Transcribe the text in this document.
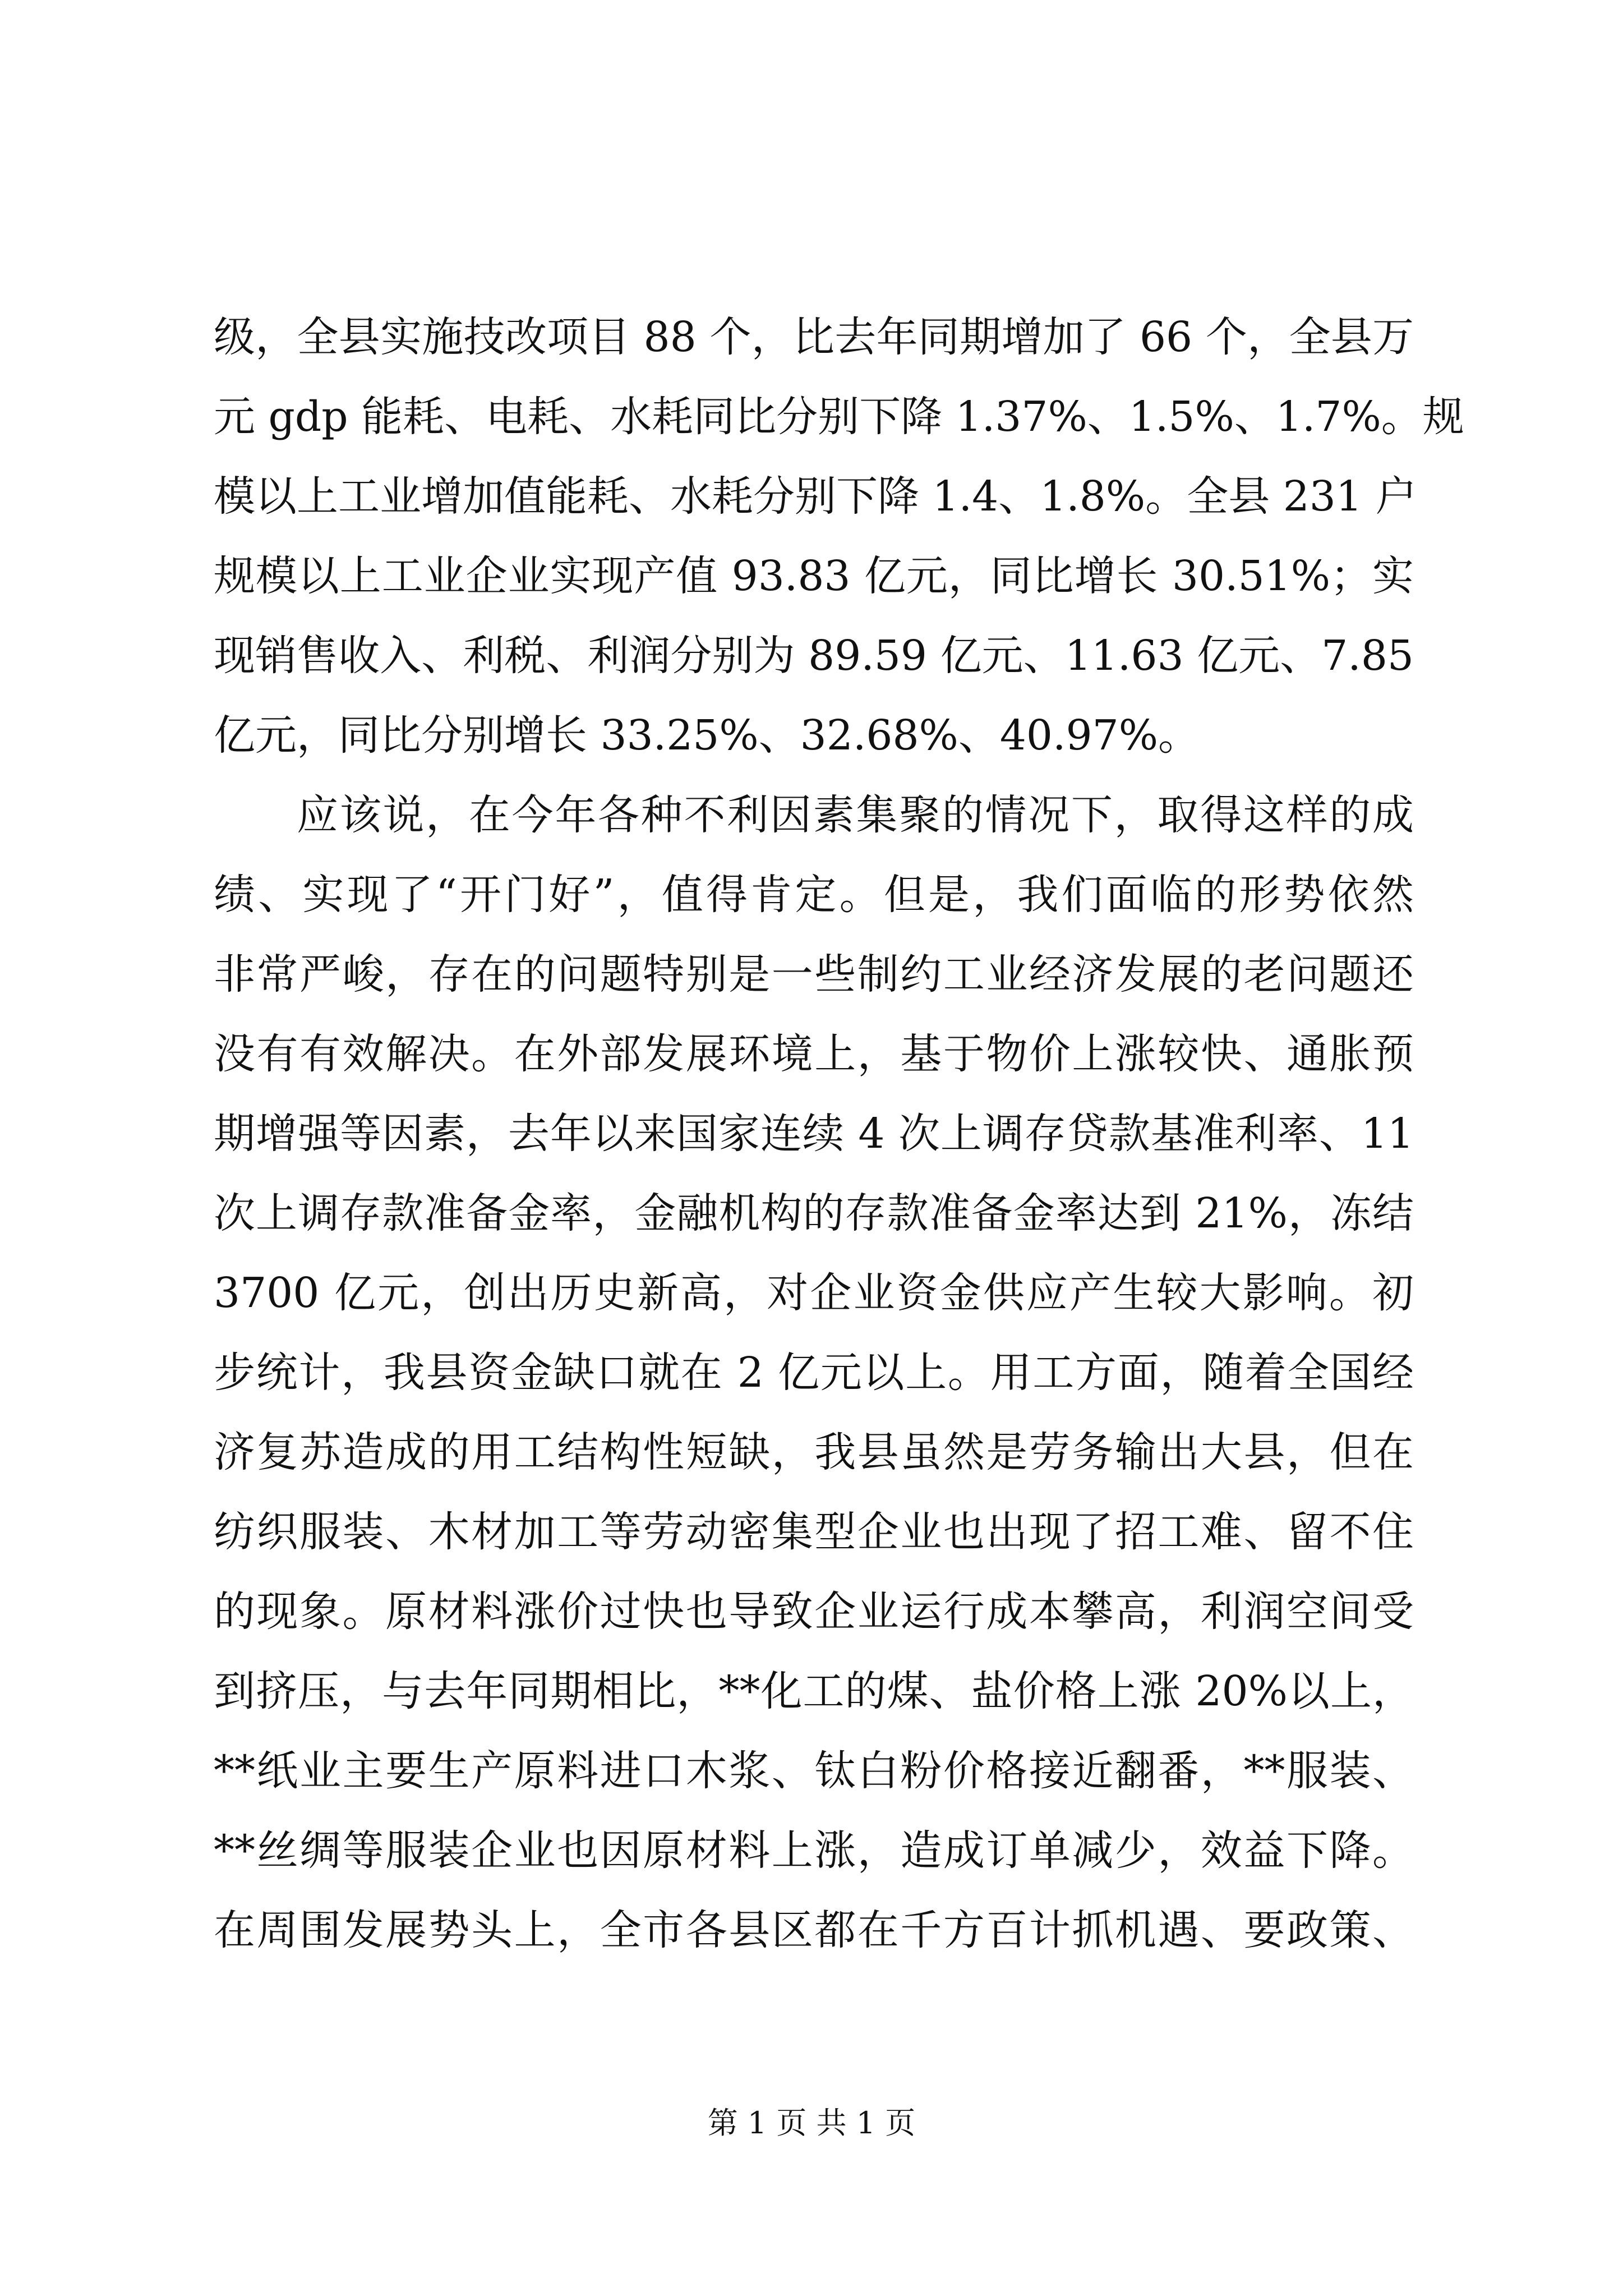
级，全县实施技改项目 88 个，比去年同期增加了 66 个，全县万
元 gdp 能耗、电耗、水耗同比分别下降 1.37%、1.5%、1.7%。规
模以上工业增加值能耗、水耗分别下降 1.4、1.8%。全县 231 户
规模以上工业企业实现产值 93.83 亿元，同比增长 30.51%；实
现销售收入、利税、利润分别为 89.59 亿元、11.63 亿元、7.85
亿元，同比分别增长 33.25%、32.68%、40.97%。
应该说，在今年各种不利因素集聚的情况下，取得这样的成
绩、实现了“开门好”，值得肯定。但是，我们面临的形势依然
非常严峻，存在的问题特别是一些制约工业经济发展的老问题还
没有有效解决。在外部发展环境上，基于物价上涨较快、通胀预
期增强等因素，去年以来国家连续 4 次上调存贷款基准利率、11
次上调存款准备金率，金融机构的存款准备金率达到 21%，冻结
3700 亿元，创出历史新高，对企业资金供应产生较大影响。初
步统计，我县资金缺口就在 2 亿元以上。用工方面，随着全国经
济复苏造成的用工结构性短缺，我县虽然是劳务输出大县，但在
纺织服装、木材加工等劳动密集型企业也出现了招工难、留不住
的现象。原材料涨价过快也导致企业运行成本攀高，利润空间受
到挤压，与去年同期相比，**化工的煤、盐价格上涨 20%以上，
**纸业主要生产原料进口木浆、钛白粉价格接近翻番，**服装、
**丝绸等服装企业也因原材料上涨，造成订单减少，效益下降。
在周围发展势头上，全市各县区都在千方百计抓机遇、要政策、
第 1 页 共 1 页
